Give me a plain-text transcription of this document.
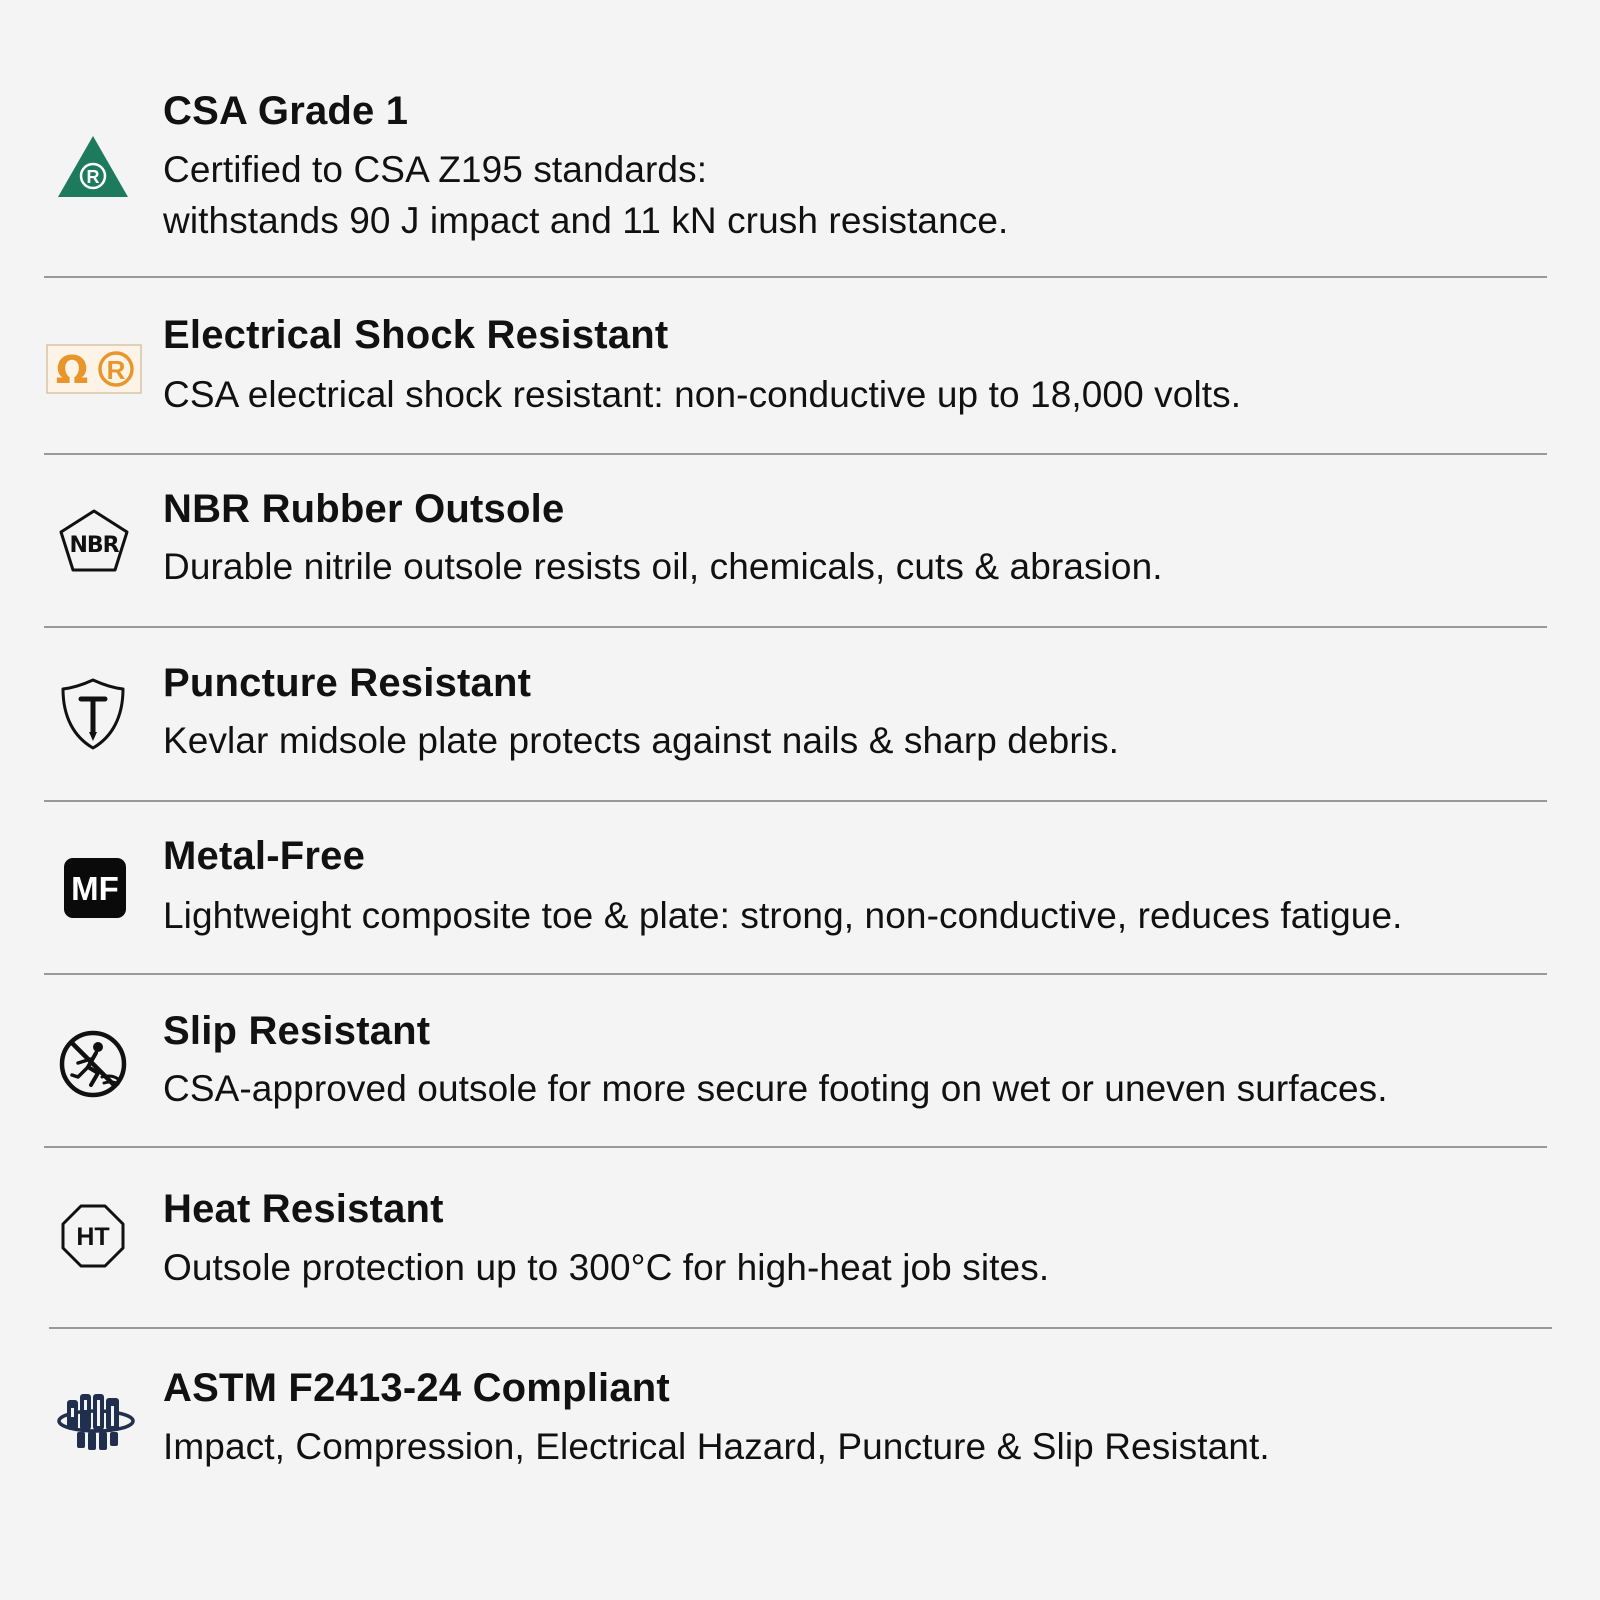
R
CSA Grade 1

Certified to CSA Z195 standards:

withstands 90 J impact and 11 kN crush resistance.

Ω R
Electrical Shock Resistant

CSA electrical shock resistant: non-conductive up to 18,000 volts.

NBR
NBR Rubber Outsole

Durable nitrile outsole resists oil, chemicals, cuts & abrasion.

Puncture Resistant

Kevlar midsole plate protects against nails & sharp debris.

MF
Metal-Free

Lightweight composite toe & plate: strong, non-conductive, reduces fatigue.

Slip Resistant

CSA-approved outsole for more secure footing on wet or uneven surfaces.

HT
Heat Resistant

Outsole protection up to 300°C for high-heat job sites.

ASTM F2413-24 Compliant

Impact, Compression, Electrical Hazard, Puncture & Slip Resistant.
